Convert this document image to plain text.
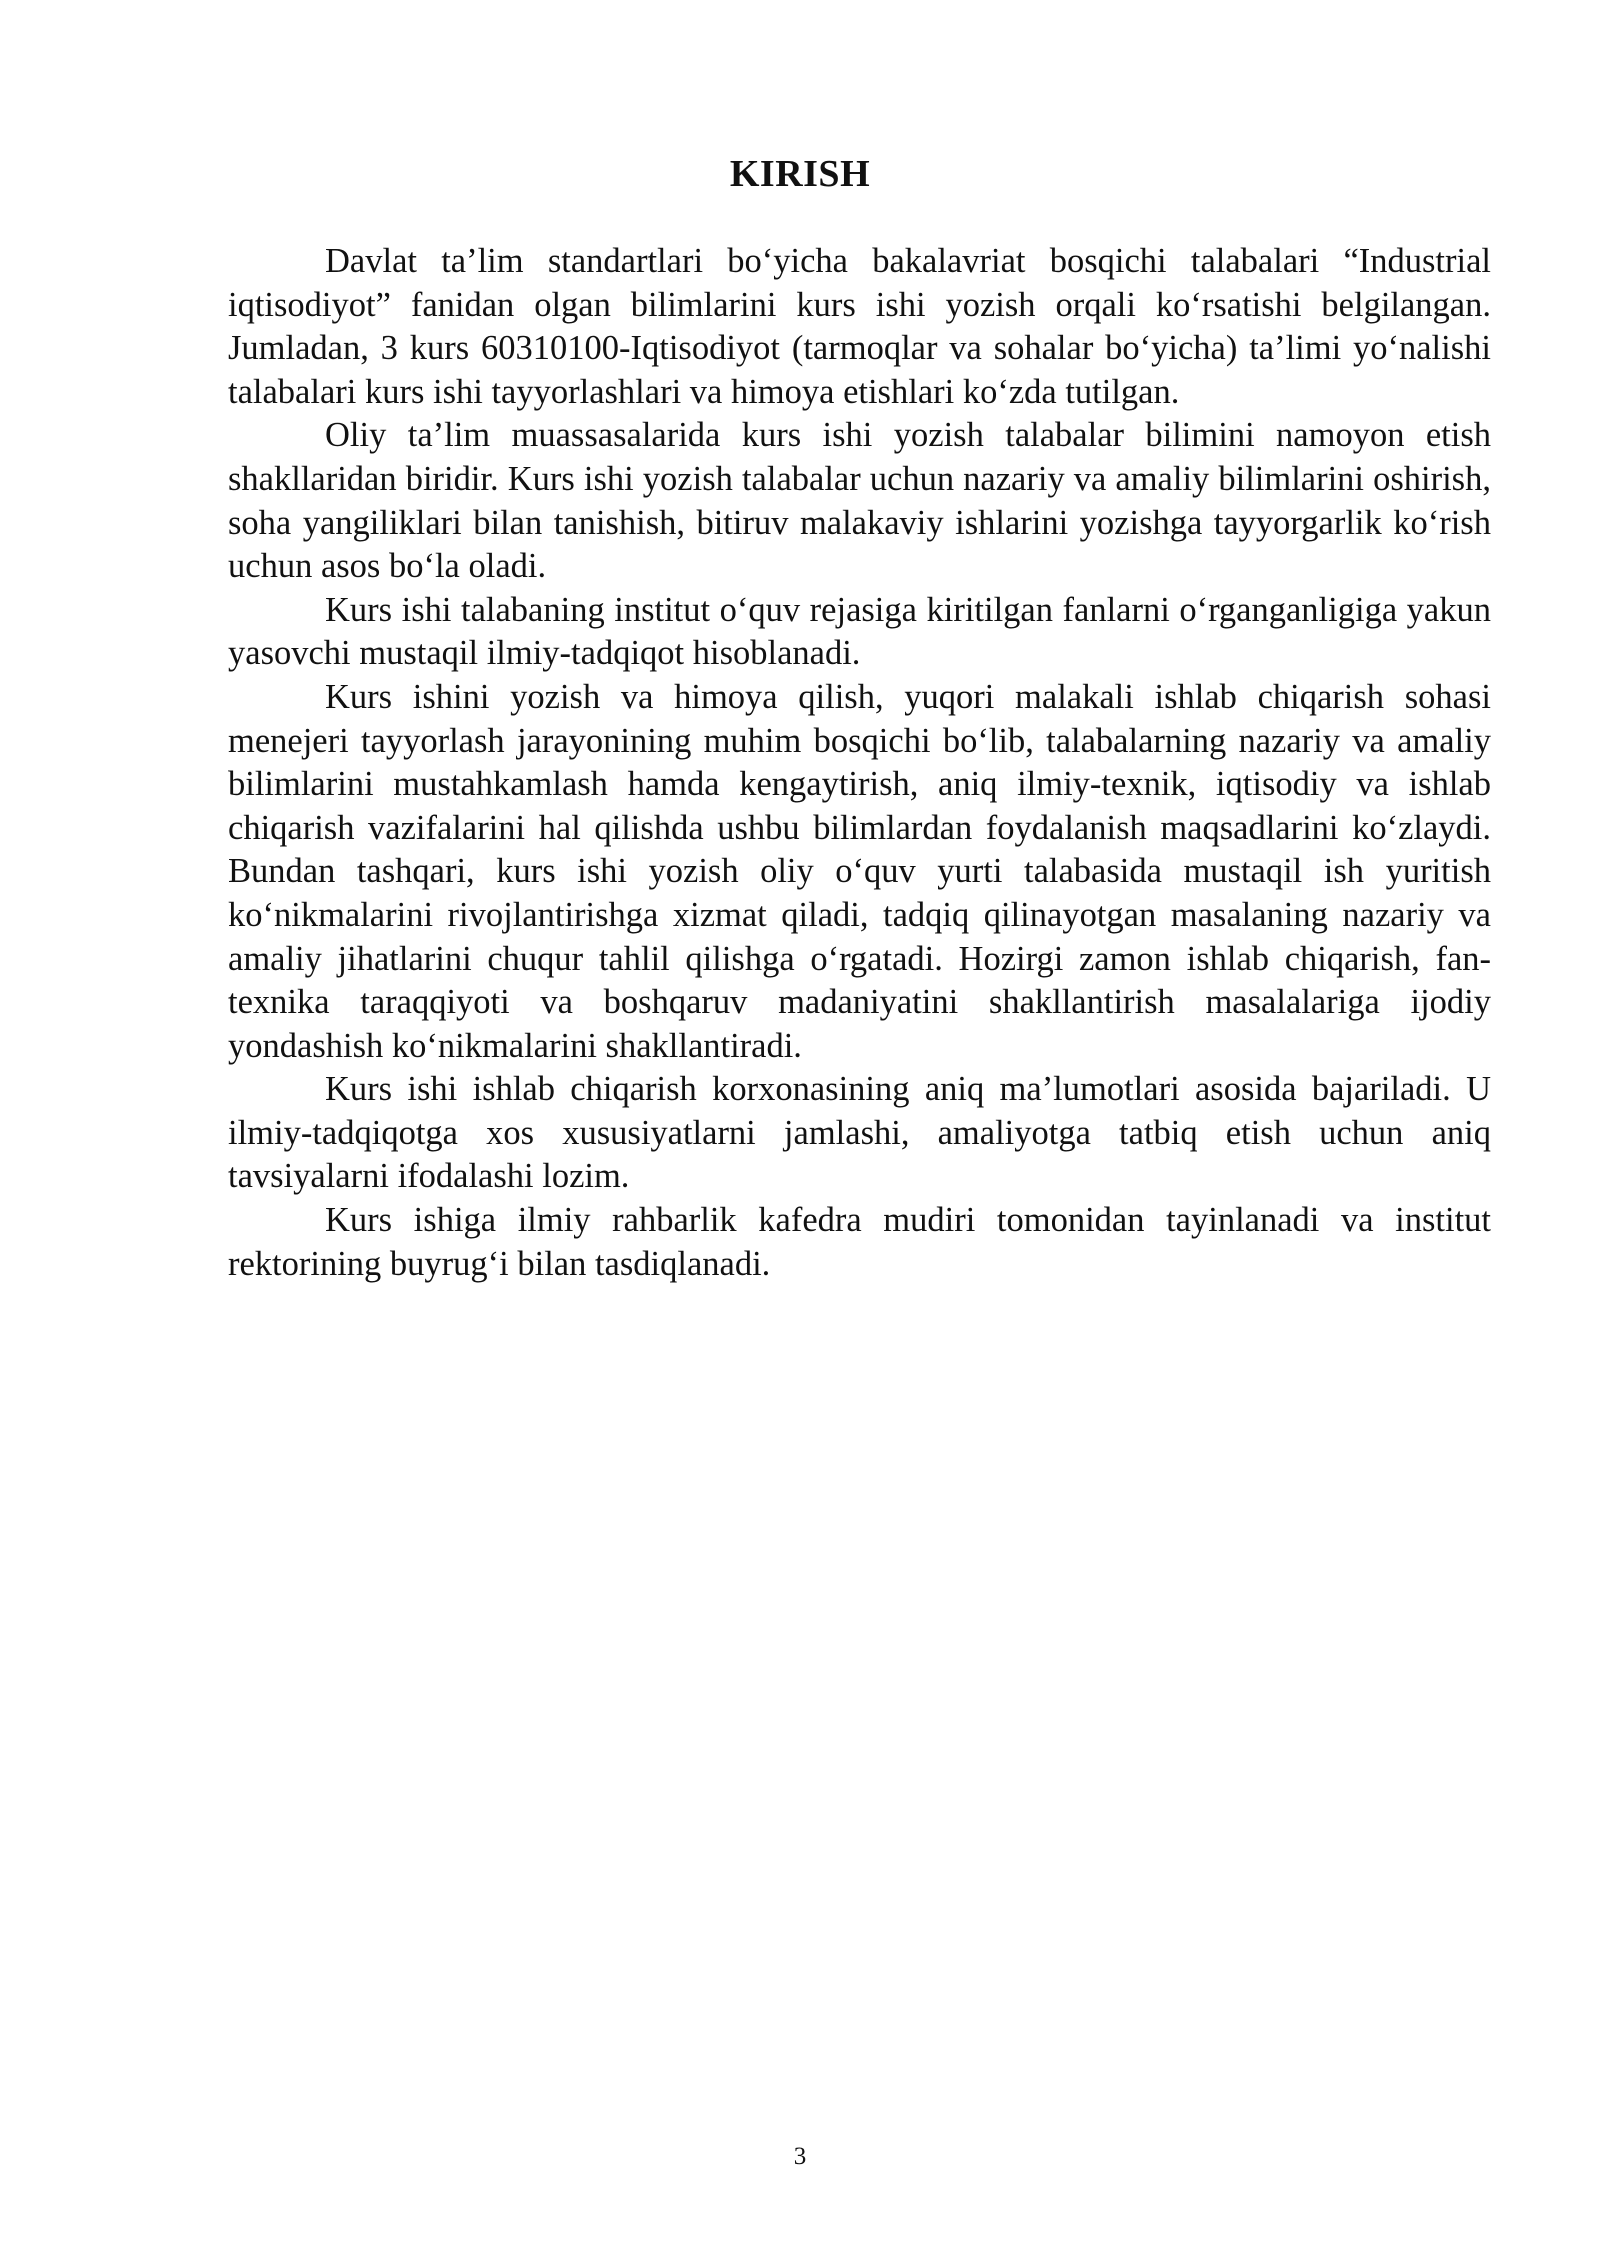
KIRISH

Davlat ta’lim standartlari bo‘yicha bakalavriat bosqichi talabalari “Industrial iqtisodiyot” fanidan olgan bilimlarini kurs ishi yozish orqali ko‘rsatishi belgilangan. Jumladan, 3 kurs 60310100-Iqtisodiyot (tarmoqlar va sohalar bo‘yicha) ta’limi yo‘nalishi talabalari kurs ishi tayyorlashlari va himoya etishlari ko‘zda tutilgan.

Oliy ta’lim muassasalarida kurs ishi yozish talabalar bilimini namoyon etish shakllaridan biridir. Kurs ishi yozish talabalar uchun nazariy va amaliy bilimlarini oshirish, soha yangiliklari bilan tanishish, bitiruv malakaviy ishlarini yozishga tayyorgarlik ko‘rish uchun asos bo‘la oladi.

Kurs ishi talabaning institut o‘quv rejasiga kiritilgan fanlarni o‘rganganligiga yakun yasovchi mustaqil ilmiy-tadqiqot hisoblanadi.

Kurs ishini yozish va himoya qilish, yuqori malakali ishlab chiqarish sohasi menejeri tayyorlash jarayonining muhim bosqichi bo‘lib, talabalarning nazariy va amaliy bilimlarini mustahkamlash hamda kengaytirish, aniq ilmiy-texnik, iqtisodiy va ishlab chiqarish vazifalarini hal qilishda ushbu bilimlardan foydalanish maqsadlarini ko‘zlaydi. Bundan tashqari, kurs ishi yozish oliy o‘quv yurti talabasida mustaqil ish yuritish ko‘nikmalarini rivojlantirishga xizmat qiladi, tadqiq qilinayotgan masalaning nazariy va amaliy jihatlarini chuqur tahlil qilishga o‘rgatadi. Hozirgi zamon ishlab chiqarish, fan-texnika taraqqiyoti va boshqaruv madaniyatini shakllantirish masalalariga ijodiy yondashish ko‘nikmalarini shakllantiradi.

Kurs ishi ishlab chiqarish korxonasining aniq ma’lumotlari asosida bajariladi. U ilmiy-tadqiqotga xos xususiyatlarni jamlashi, amaliyotga tatbiq etish uchun aniq tavsiyalarni ifodalashi lozim.

Kurs ishiga ilmiy rahbarlik kafedra mudiri tomonidan tayinlanadi va institut rektorining buyrug‘i bilan tasdiqlanadi.

3
